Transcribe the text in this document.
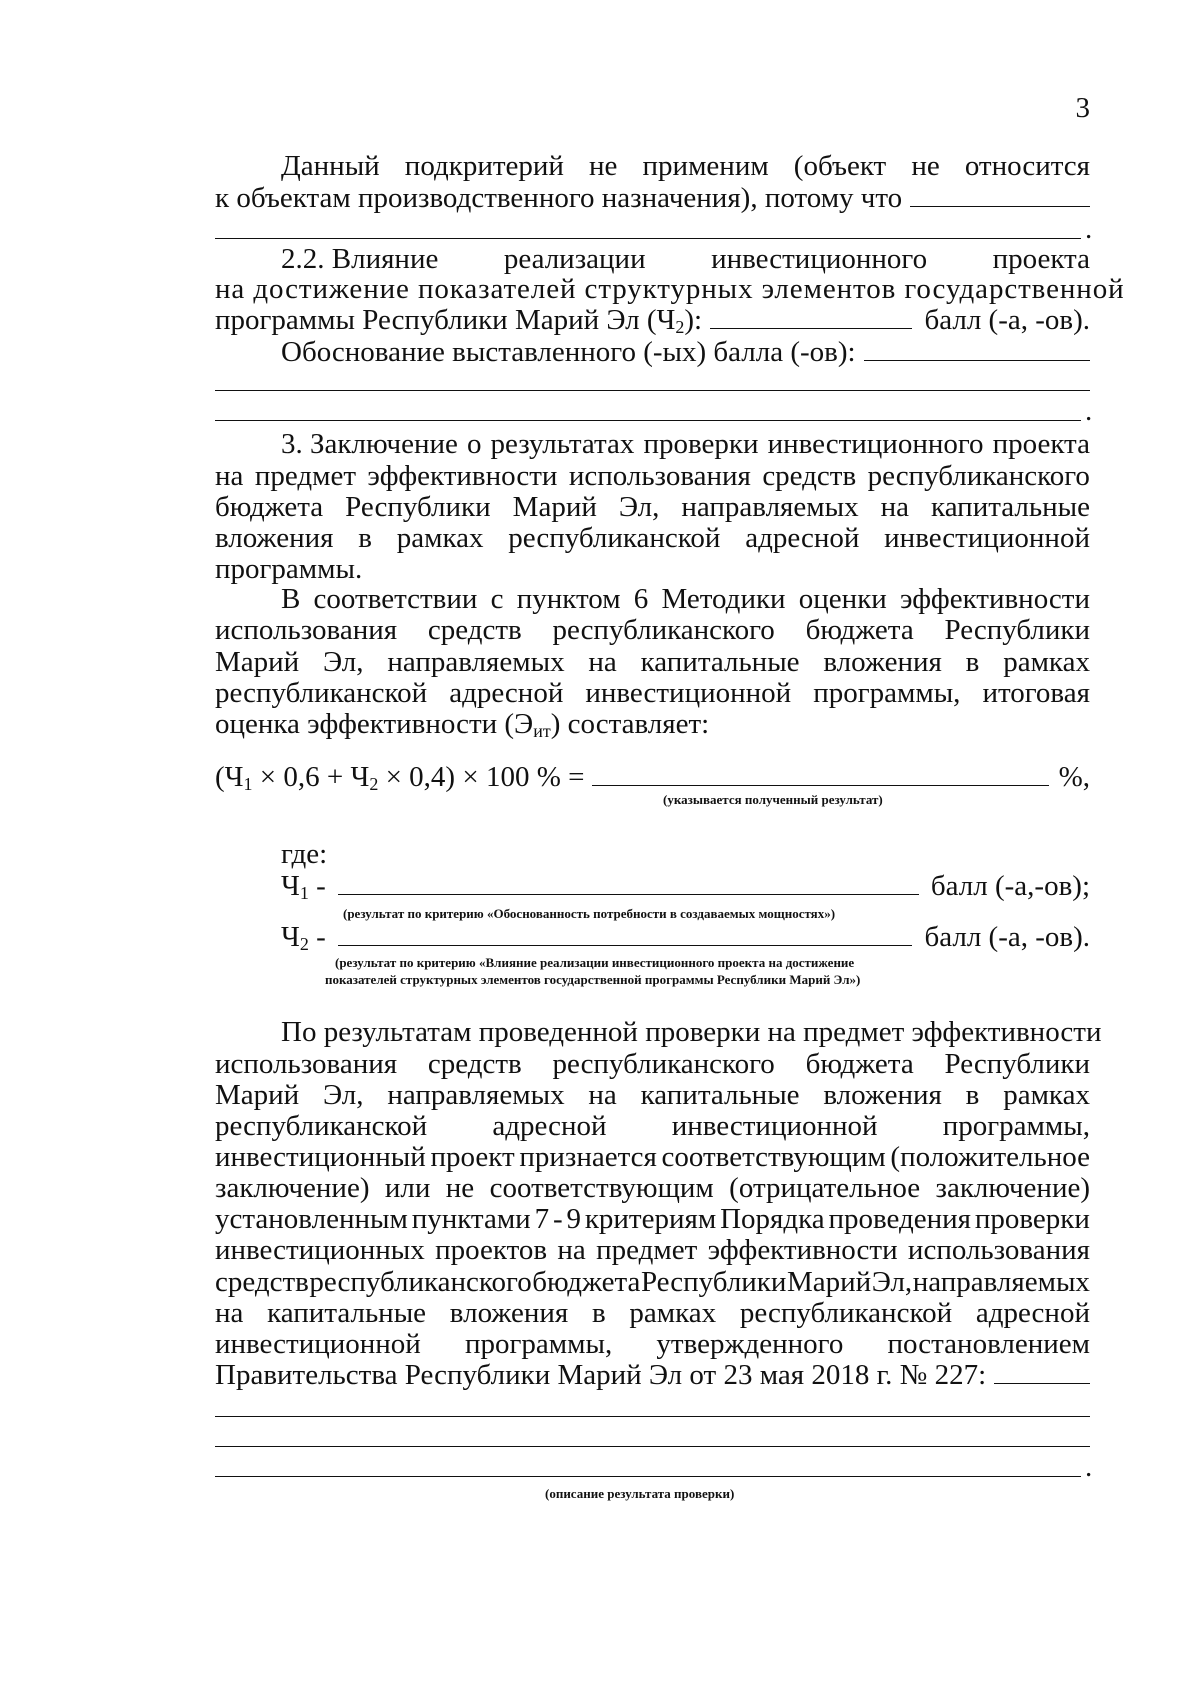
3
Данный подкритерий не применим (объект не относится
к объектам производственного назначения), потому что
.
2.2. Влияние реализации инвестиционного проекта
на достижение показателей структурных элементов государственной
программы Республики Марий Эл $(Ч_2)$:	балл (-а, -ов).
Обоснование выставленного (-ых) балла (-ов):
.
3. Заключение о результатах проверки инвестиционного проекта
на предмет эффективности использования средств республиканского
бюджета Республики Марий Эл, направляемых на капитальные
вложения в рамках республиканской адресной инвестиционной
программы.
В соответствии с пунктом 6 Методики оценки эффективности
использования средств республиканского бюджета Республики
Марий Эл, направляемых на капитальные вложения в рамках
республиканской адресной инвестиционной программы, итоговая
оценка эффективности $(Э_{ит})$ составляет:
$(Ч_1 \times 0,6 + Ч_2 \times 0,4) \times 100$ % =	%,
(указывается полученный результат)
где:
$Ч_1$ -	балл (-а,-ов);
(результат по критерию «Обоснованность потребности в создаваемых мощностях»)
$Ч_2$ -	балл (-а, -ов).
(результат по критерию «Влияние реализации инвестиционного проекта на достижение
показателей структурных элементов государственной программы Республики Марий Эл»)
По результатам проведенной проверки на предмет эффективности
использования средств республиканского бюджета Республики
Марий Эл, направляемых на капитальные вложения в рамках
республиканской адресной инвестиционной программы,
инвестиционный проект признается соответствующим (положительное
заключение) или не соответствующим (отрицательное заключение)
установленным пунктами 7 - 9 критериям Порядка проведения проверки
инвестиционных проектов на предмет эффективности использования
средств республиканского бюджета Республики Марий Эл, направляемых
на капитальные вложения в рамках республиканской адресной
инвестиционной программы, утвержденного постановлением
Правительства Республики Марий Эл от 23 мая 2018 г. № 227:
.
(описание результата проверки)
